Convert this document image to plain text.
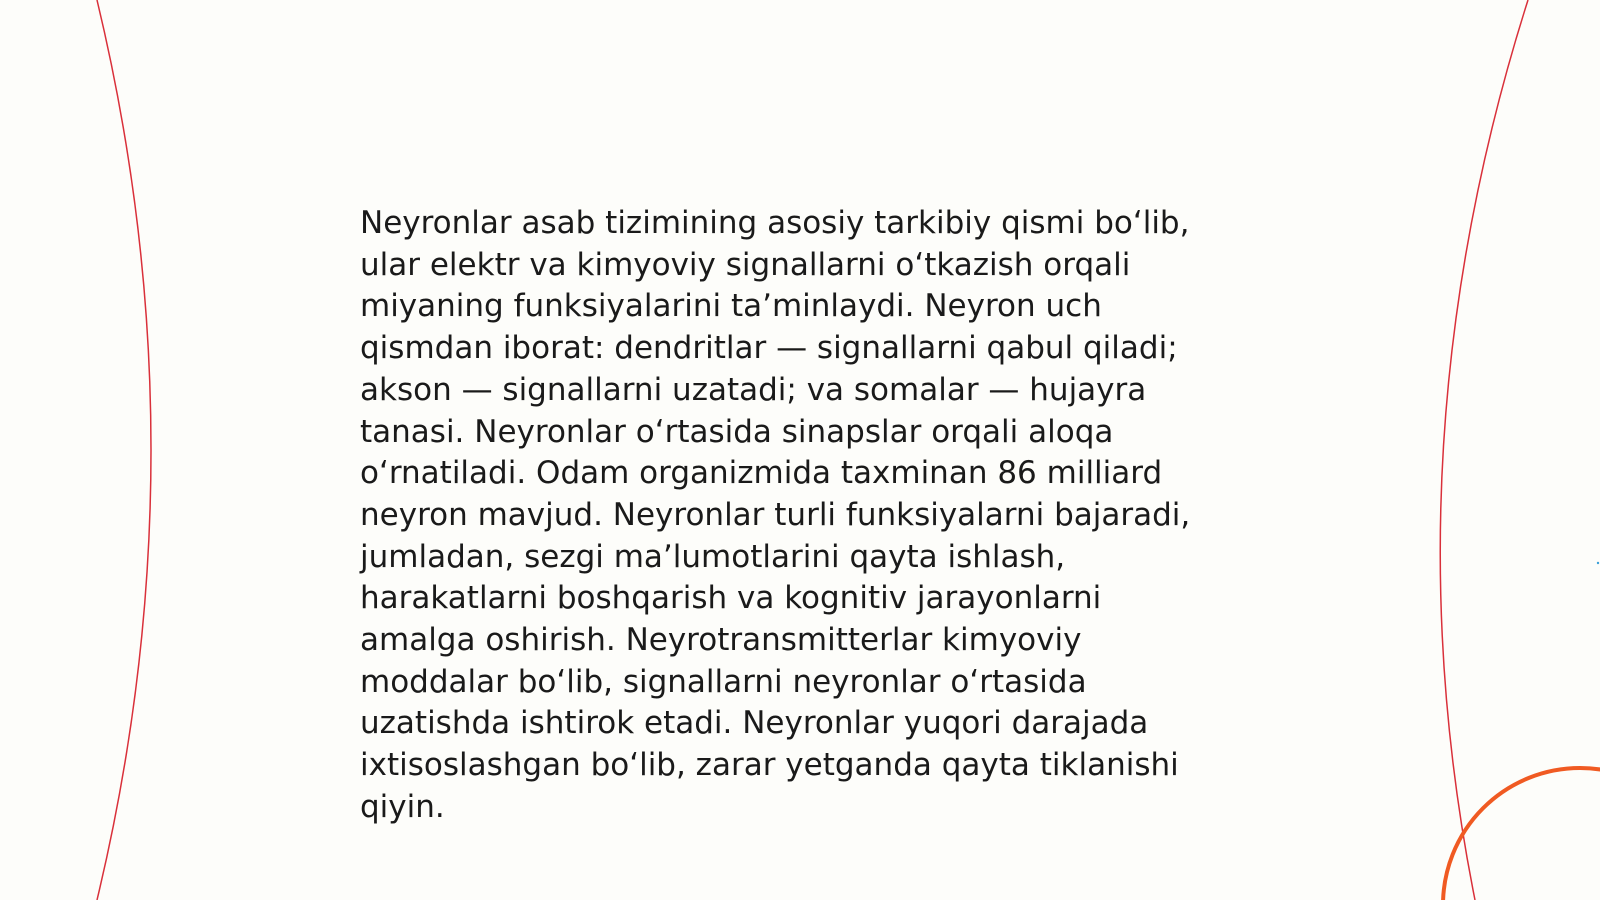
Neyronlar asab tizimining asosiy tarkibiy qismi bo‘lib,
ular elektr va kimyoviy signallarni o‘tkazish orqali
miyaning funksiyalarini ta’minlaydi. Neyron uch
qismdan iborat: dendritlar — signallarni qabul qiladi;
akson — signallarni uzatadi; va somalar — hujayra
tanasi. Neyronlar o‘rtasida sinapslar orqali aloqa
o‘rnatiladi. Odam organizmida taxminan 86 milliard
neyron mavjud. Neyronlar turli funksiyalarni bajaradi,
jumladan, sezgi ma’lumotlarini qayta ishlash,
harakatlarni boshqarish va kognitiv jarayonlarni
amalga oshirish. Neyrotransmitterlar kimyoviy
moddalar bo‘lib, signallarni neyronlar o‘rtasida
uzatishda ishtirok etadi. Neyronlar yuqori darajada
ixtisoslashgan bo‘lib, zarar yetganda qayta tiklanishi
qiyin.
